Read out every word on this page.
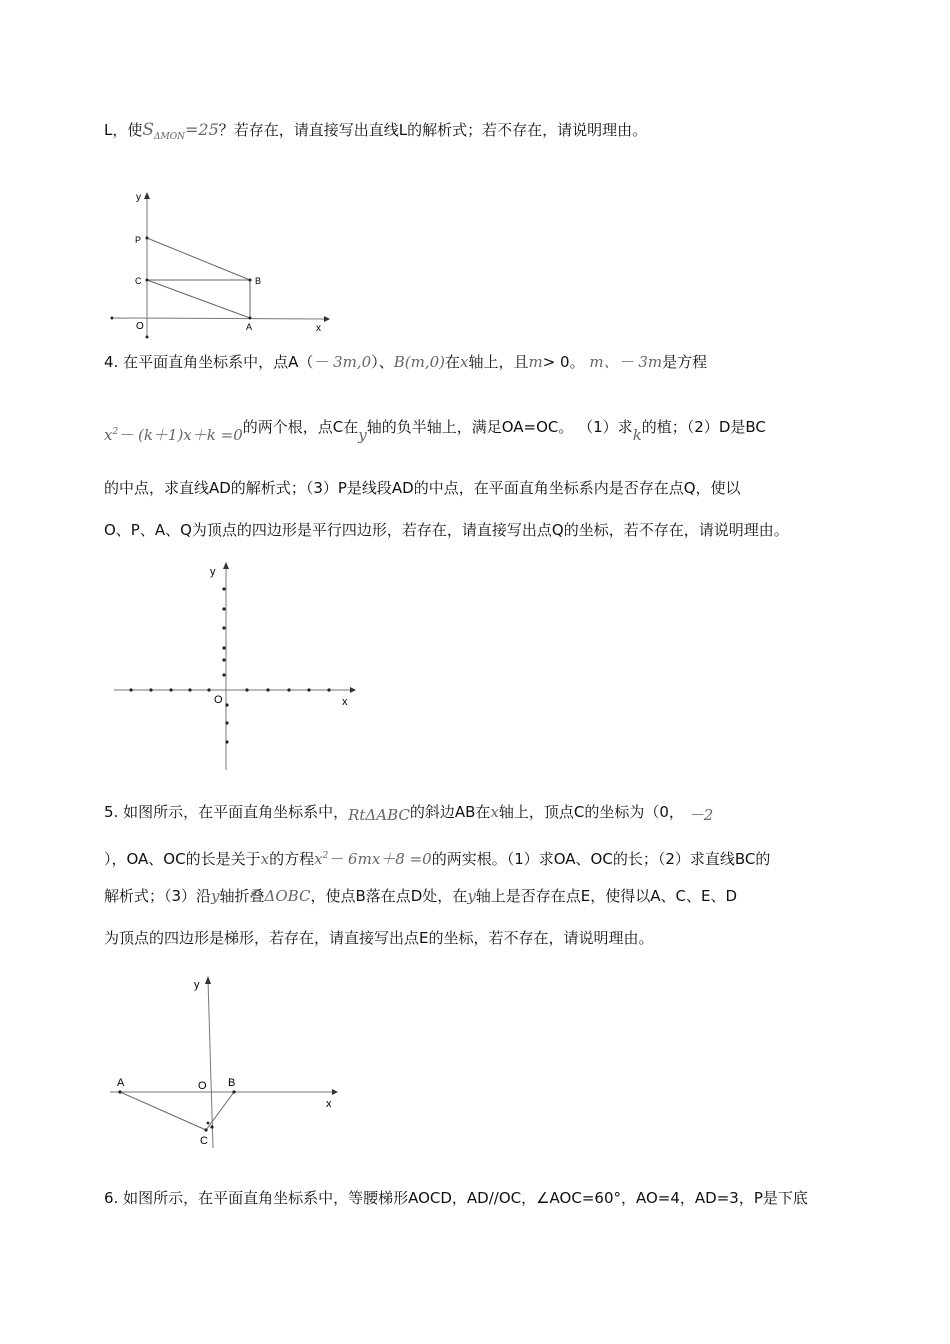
L，使$S_{\Delta MON}=25$？若存在，请直接写出直线L的解析式；若不存在，请说明理由。
y
x
O
P
C	B
A
4. 在平面直角坐标系中，点A（－ 3m,0）、B(m,0)在x轴上，且m> 0。 m、－ 3m是方程
$x^2- (k+1)x+k =0$的两个根，点C在y轴的负半轴上，满足OA=OC。 （1）求k的植；（2）D是BC
的中点，求直线AD的解析式；（3）P是线段AD的中点，在平面直角坐标系内是否存在点Q，使以
O、P、A、Q为顶点的四边形是平行四边形，若存在，请直接写出点Q的坐标，若不存在，请说明理由。
y
x
O
5. 如图所示，在平面直角坐标系中，RtΔABC的斜边AB在x轴上，顶点C的坐标为（0， －2
），OA、OC的长是关于x的方程$x^2- 6mx+8 =0$的两实根。（1）求OA、OC的长；（2）求直线BC的
解析式；（3）沿y轴折叠ΔOBC，使点B落在点D处，在y轴上是否存在点E，使得以A、C、E、D
为顶点的四边形是梯形，若存在，请直接写出点E的坐标，若不存在，请说明理由。
y
x
O
A	B
C
6. 如图所示，在平面直角坐标系中，等腰梯形AOCD，AD//OC，∠AOC=60°，AO=4，AD=3，P是下底
